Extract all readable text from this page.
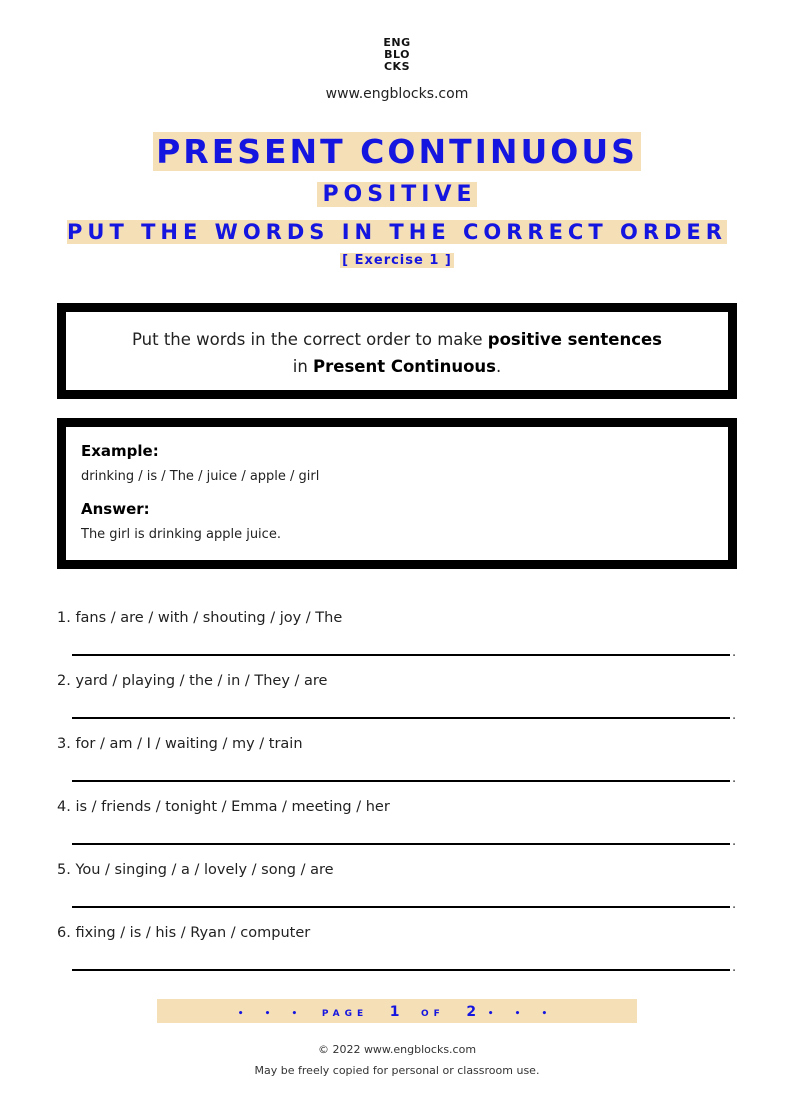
ENG
BLO
CKS
www.engblocks.com
PRESENT CONTINUOUS
POSITIVE
PUT THE WORDS IN THE CORRECT ORDER
[ Exercise 1 ]
Put the words in the correct order to make positive sentences
in Present Continuous.
Example:
drinking / is / The / juice / apple / girl
Answer:
The girl is drinking apple juice.
1. fans / are / with / shouting / joy / The
.
2. yard / playing / the / in / They / are
.
3. for / am / I / waiting / my / train
.
4. is / friends / tonight / Emma / meeting / her
.
5. You / singing / a / lovely / song / are
.
6. fixing / is / his / Ryan / computer
.
• • • PAGE 1 OF 2 • • •
© 2022 www.engblocks.com
May be freely copied for personal or classroom use.
